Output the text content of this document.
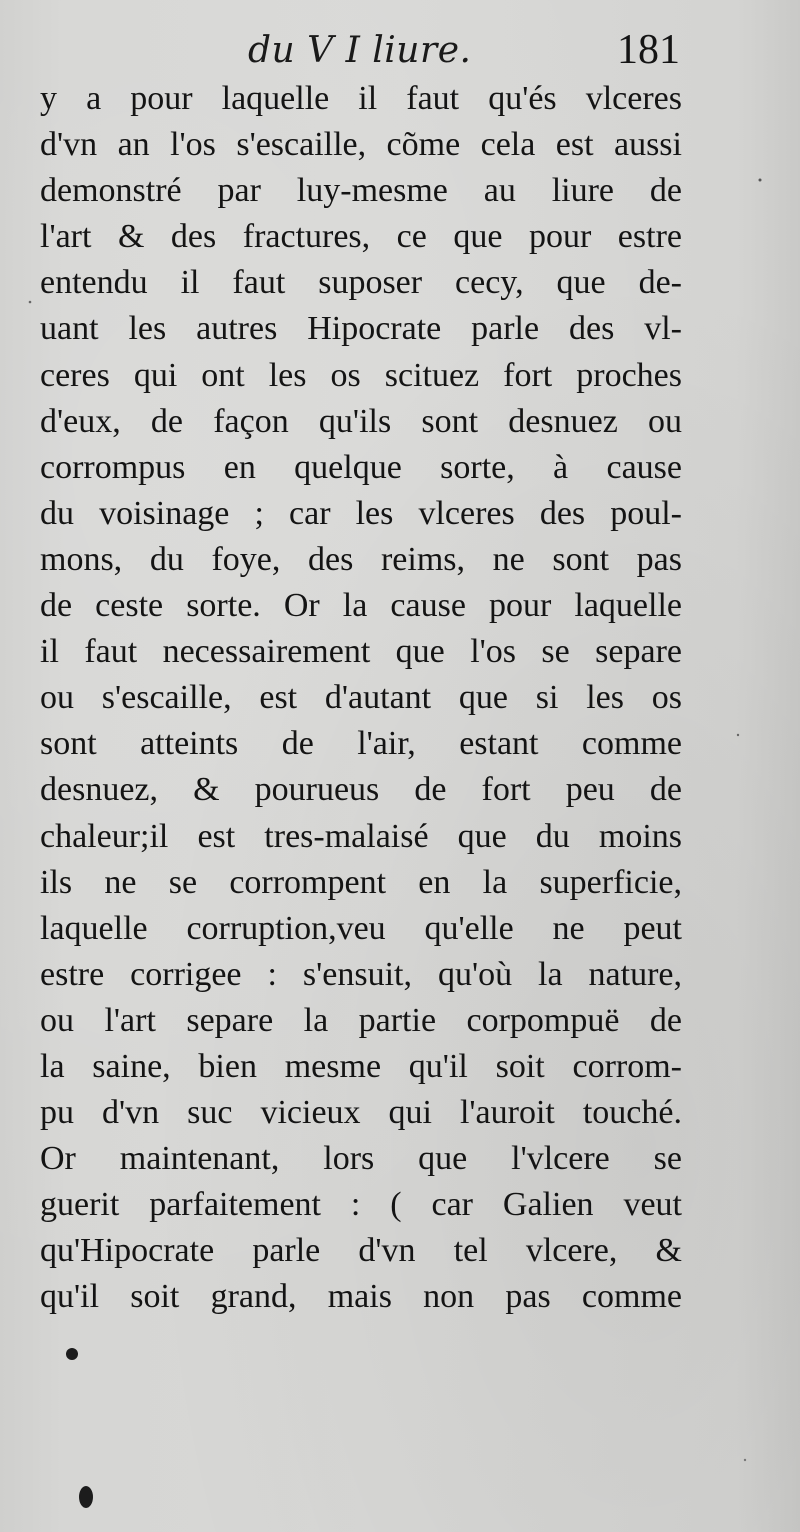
du V I liure.	181
y a pour laquelle il faut qu'és vlceres
d'vn an l'os s'escaille, cõme cela est aussi
demonstré par luy-mesme au liure de
l'art & des fractures, ce que pour estre
entendu il faut suposer cecy, que de-
uant les autres Hipocrate parle des vl-
ceres qui ont les os scituez fort proches
d'eux, de façon qu'ils sont desnuez ou
corrompus en quelque sorte, à cause
du voisinage ; car les vlceres des poul-
mons, du foye, des reims, ne sont pas
de ceste sorte. Or la cause pour laquelle
il faut necessairement que l'os se separe
ou s'escaille, est d'autant que si les os
sont atteints de l'air, estant comme
desnuez, & pourueus de fort peu de
chaleur;il est tres-malaisé que du moins
ils ne se corrompent en la superficie,
laquelle corruption,veu qu'elle ne peut
estre corrigee : s'ensuit, qu'où la nature,
ou l'art separe la partie corpompuë de
la saine, bien mesme qu'il soit corrom-
pu d'vn suc vicieux qui l'auroit touché.
Or maintenant, lors que l'vlcere se
guerit parfaitement : ( car Galien veut
qu'Hipocrate parle d'vn tel vlcere, &
qu'il soit grand, mais non pas comme
